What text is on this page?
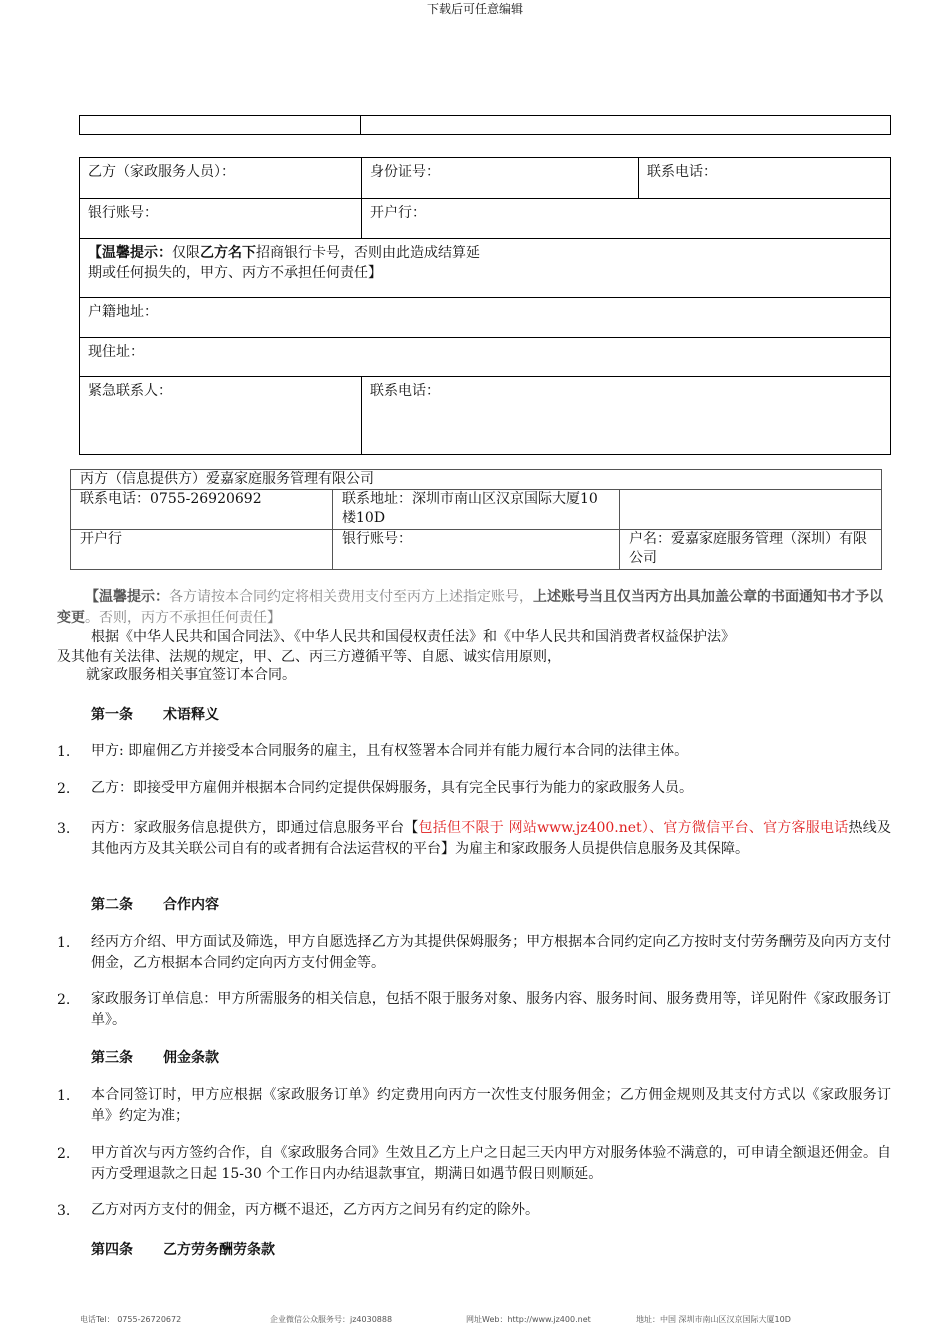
下载后可任意编辑

乙方（家政服务人员）：	身份证号：	联系电话：
银行账号：	开户行：	
【温馨提示：仅限乙方名下招商银行卡号，否则由此造成结算延
期或任何损失的，甲方、丙方不承担任何责任】		
户籍地址：		
现住址：		
紧急联系人：	联系电话：	
丙方（信息提供方）爱嘉家庭服务管理有限公司		
联系电话：0755-26920692	联系地址：深圳市南山区汉京国际大厦10楼10D	
开户行	银行账号：	户名：爱嘉家庭服务管理（深圳）有限公司
【温馨提示：各方请按本合同约定将相关费用支付至丙方上述指定账号，上述账号当且仅当丙方出具加盖公章的书面通知书才予以变更。否则，丙方不承担任何责任】
根据《中华人民共和国合同法》、《中华人民共和国侵权责任法》和《中华人民共和国消费者权益保护法》
及其他有关法律、法规的规定，甲、乙、丙三方遵循平等、自愿、诚实信用原则，
就家政服务相关事宜签订本合同。
第一条 术语释义
1. 甲方: 即雇佣乙方并接受本合同服务的雇主，且有权签署本合同并有能力履行本合同的法律主体。
2. 乙方：即接受甲方雇佣并根据本合同约定提供保姆服务，具有完全民事行为能力的家政服务人员。
3. 丙方：家政服务信息提供方，即通过信息服务平台【包括但不限于 网站www.jz400.net）、官方微信平台、官方客服电话热线及其他丙方及其关联公司自有的或者拥有合法运营权的平台】为雇主和家政服务人员提供信息服务及其保障。
第二条 合作内容
1. 经丙方介绍、甲方面试及筛选，甲方自愿选择乙方为其提供保姆服务；甲方根据本合同约定向乙方按时支付劳务酬劳及向丙方支付佣金，乙方根据本合同约定向丙方支付佣金等。
2. 家政服务订单信息：甲方所需服务的相关信息，包括不限于服务对象、服务内容、服务时间、服务费用等，详见附件《家政服务订单》。
第三条 佣金条款
1. 本合同签订时，甲方应根据《家政服务订单》约定费用向丙方一次性支付服务佣金；乙方佣金规则及其支付方式以《家政服务订单》约定为准；
2. 甲方首次与丙方签约合作，自《家政服务合同》生效且乙方上户之日起三天内甲方对服务体验不满意的，可申请全额退还佣金。自丙方受理退款之日起 15-30 个工作日内办结退款事宜，期满日如遇节假日则顺延。
3. 乙方对丙方支付的佣金，丙方概不退还，乙方丙方之间另有约定的除外。
第四条 乙方劳务酬劳条款
电话Tel： 0755-26720672	企业微信公众服务号：jz4030888	网址Web：http://www.jz400.net	地址：中国 深圳市南山区汉京国际大厦10D
